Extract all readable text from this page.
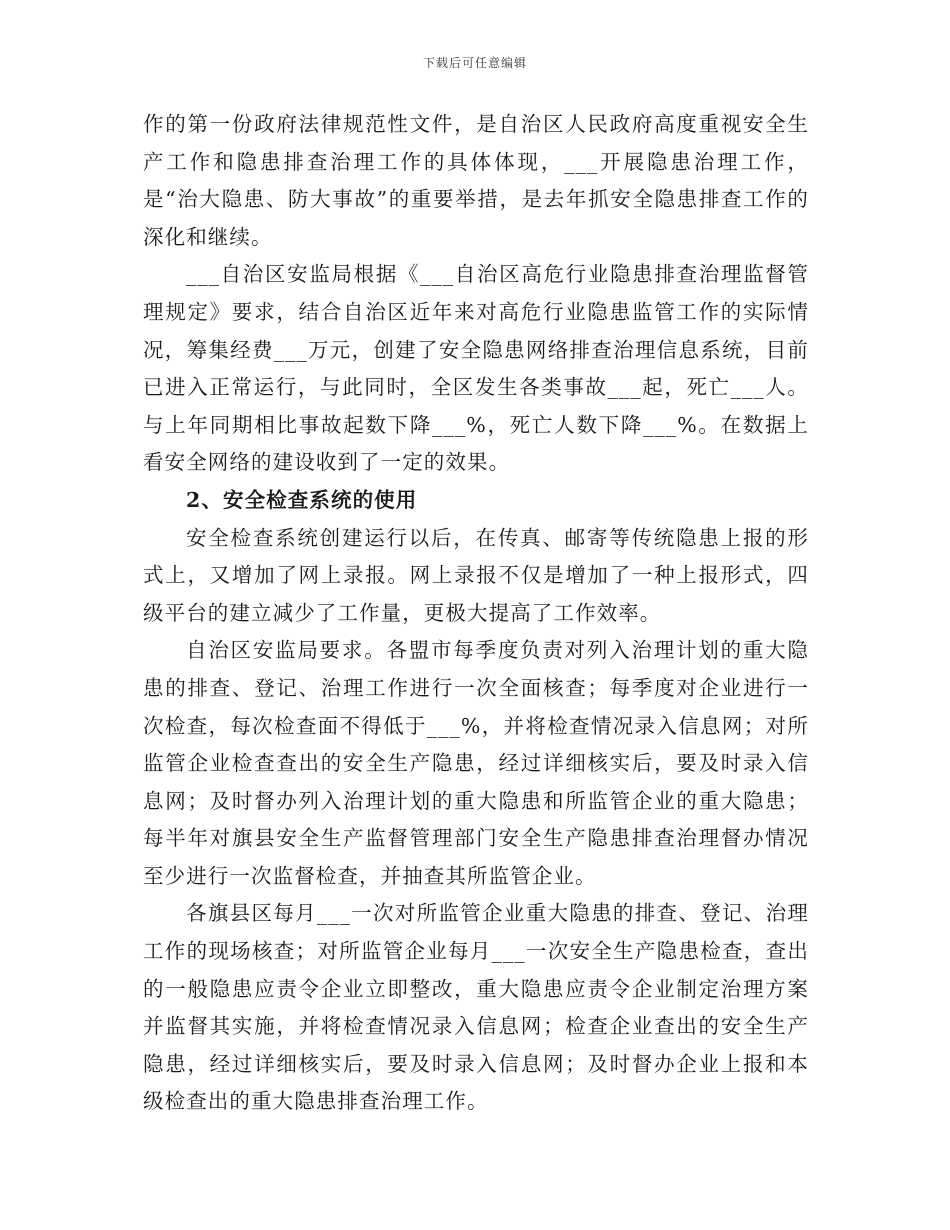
下载后可任意编辑

作的第一份政府法律规范性文件，是自治区人民政府高度重视安全生产工作和隐患排查治理工作的具体体现，___开展隐患治理工作，是“治大隐患、防大事故”的重要举措，是去年抓安全隐患排查工作的深化和继续。

___自治区安监局根据《___自治区高危行业隐患排查治理监督管理规定》要求，结合自治区近年来对高危行业隐患监管工作的实际情况，筹集经费___万元，创建了安全隐患网络排查治理信息系统，目前已进入正常运行，与此同时，全区发生各类事故___起，死亡___人。与上年同期相比事故起数下降___%，死亡人数下降___%。在数据上看安全网络的建设收到了一定的效果。

2、安全检查系统的使用

安全检查系统创建运行以后，在传真、邮寄等传统隐患上报的形式上，又增加了网上录报。网上录报不仅是增加了一种上报形式，四级平台的建立减少了工作量，更极大提高了工作效率。

自治区安监局要求。各盟市每季度负责对列入治理计划的重大隐患的排查、登记、治理工作进行一次全面核查；每季度对企业进行一次检查，每次检查面不得低于___%，并将检查情况录入信息网；对所监管企业检查查出的安全生产隐患，经过详细核实后，要及时录入信息网；及时督办列入治理计划的重大隐患和所监管企业的重大隐患；每半年对旗县安全生产监督管理部门安全生产隐患排查治理督办情况至少进行一次监督检查，并抽查其所监管企业。

各旗县区每月___一次对所监管企业重大隐患的排查、登记、治理工作的现场核查；对所监管企业每月___一次安全生产隐患检查，查出的一般隐患应责令企业立即整改，重大隐患应责令企业制定治理方案并监督其实施，并将检查情况录入信息网；检查企业查出的安全生产隐患，经过详细核实后，要及时录入信息网；及时督办企业上报和本级检查出的重大隐患排查治理工作。
